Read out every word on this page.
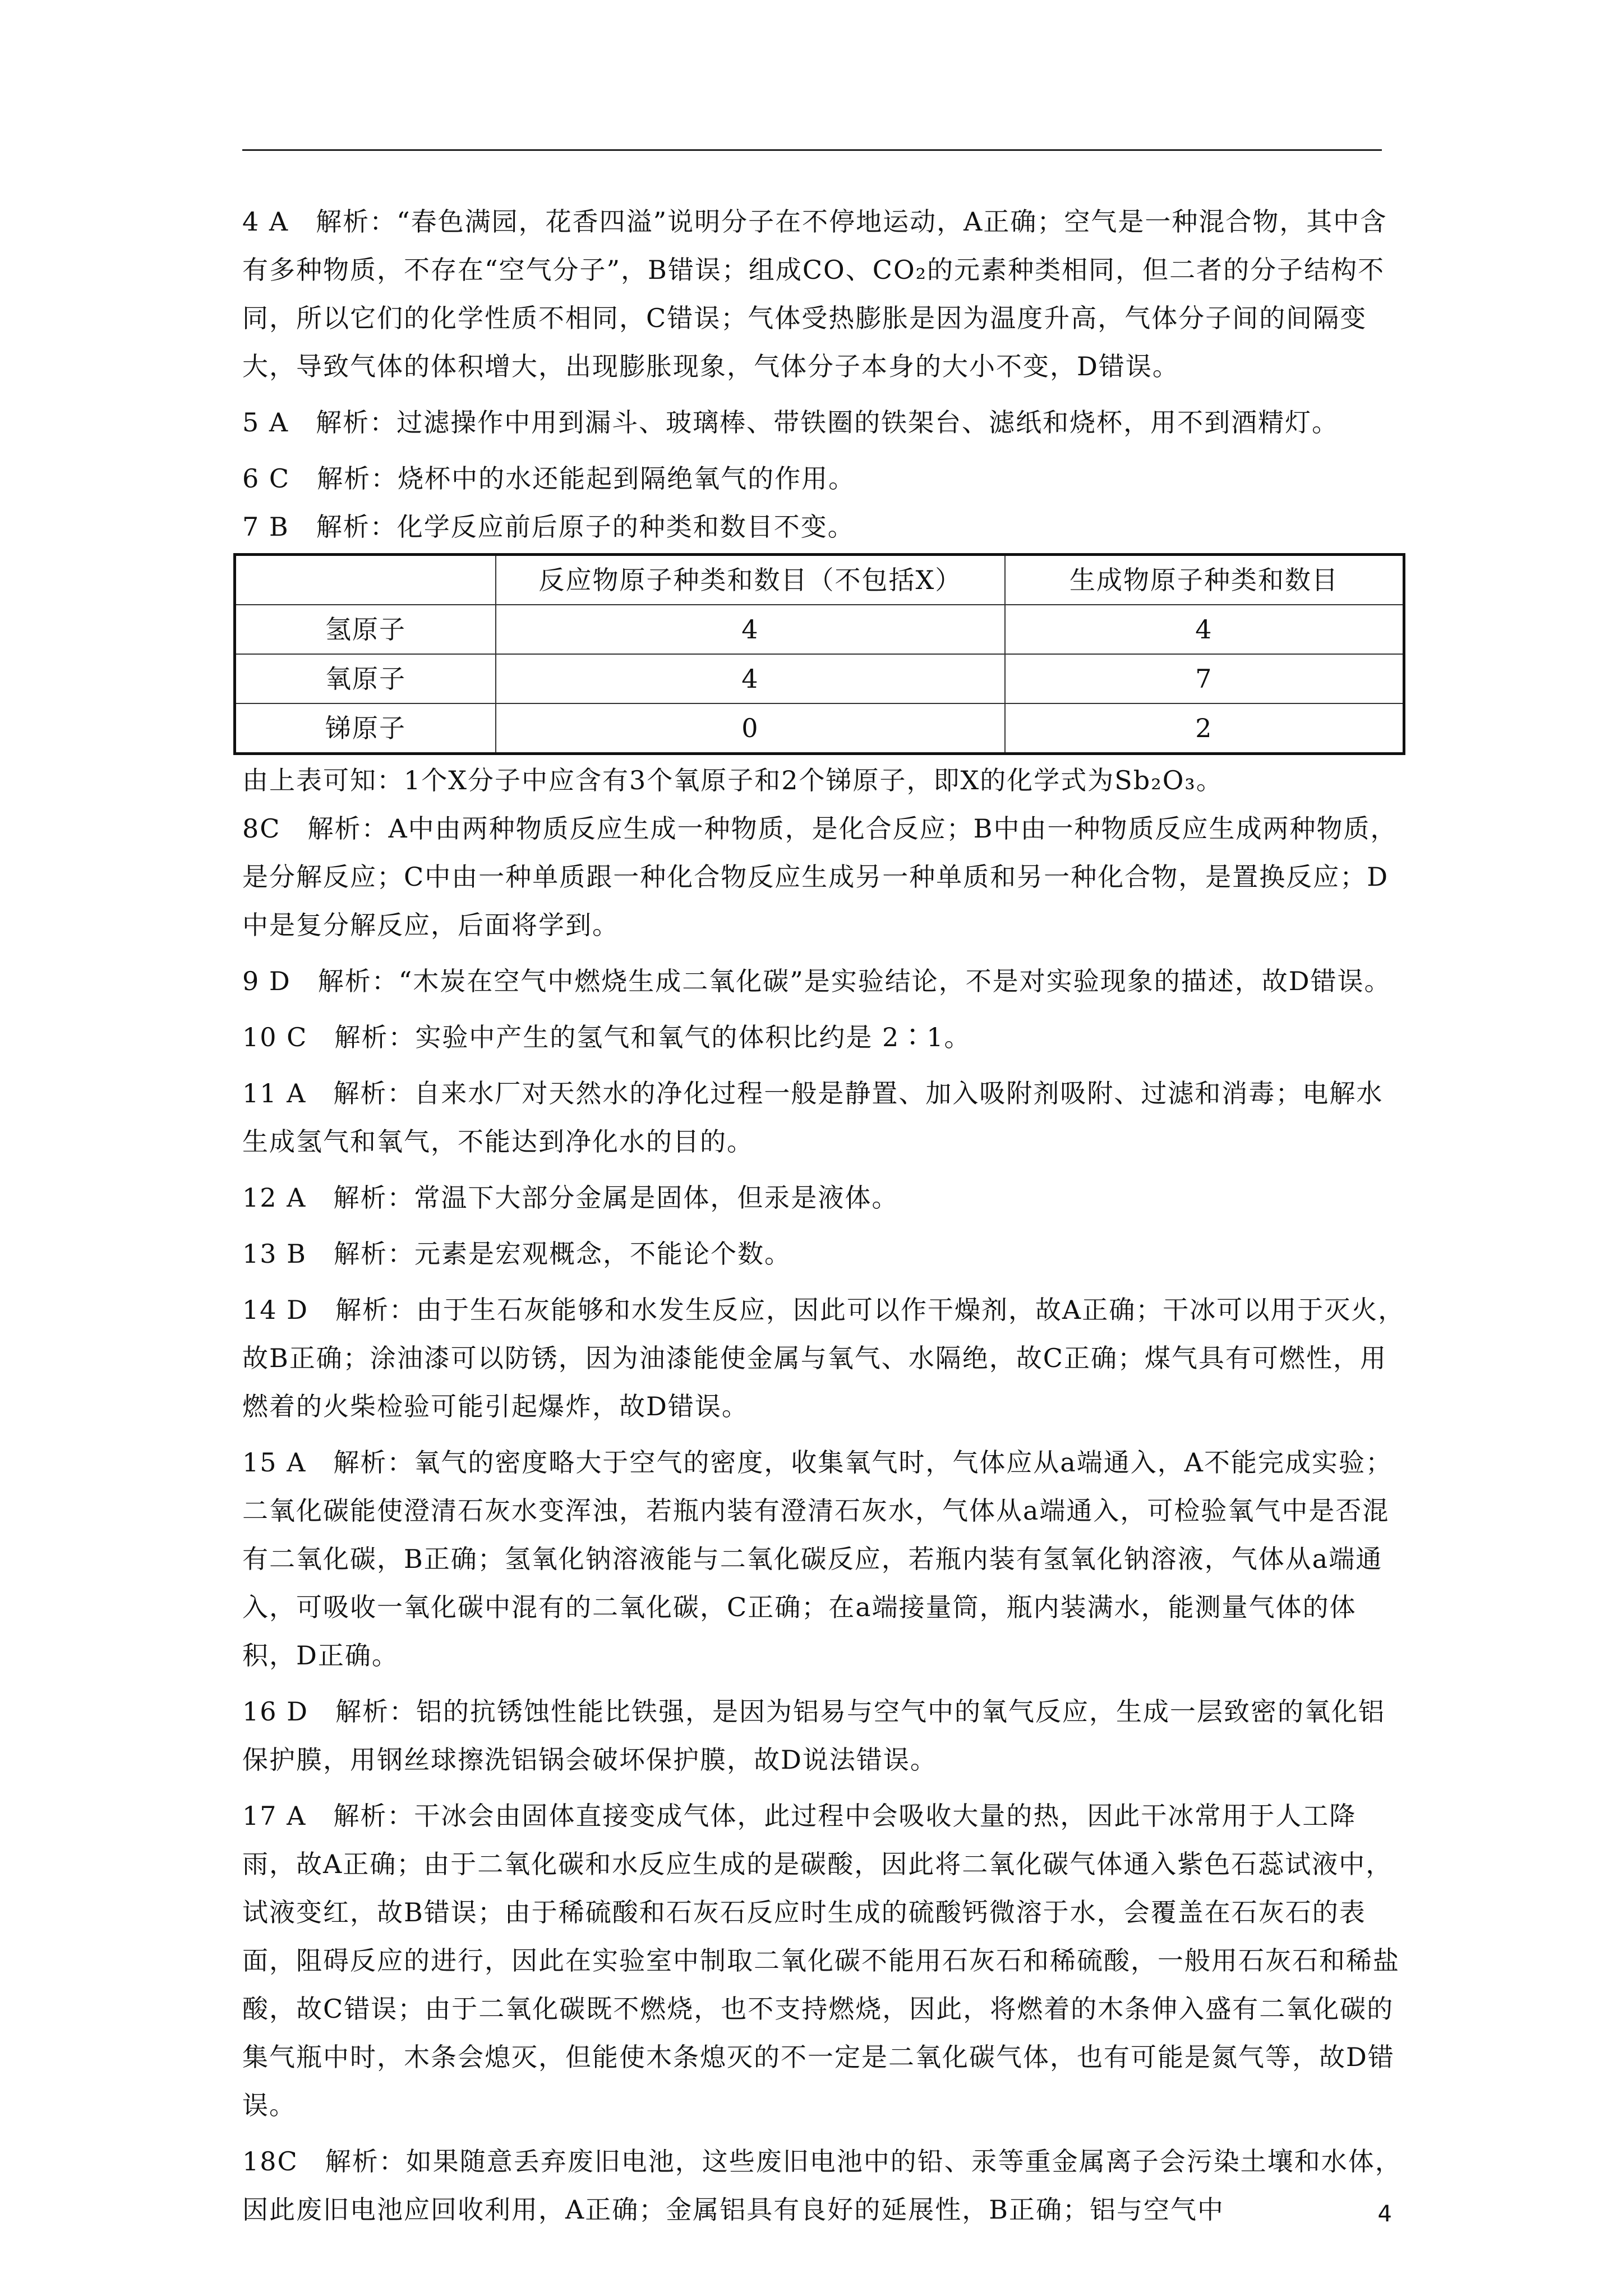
4 A　解析：“春色满园，花香四溢”说明分子在不停地运动，A正确；空气是一种混合物，其中含有多种物质，不存在“空气分子”，B错误；组成CO、CO₂的元素种类相同，但二者的分子结构不同，所以它们的化学性质不相同，C错误；气体受热膨胀是因为温度升高，气体分子间的间隔变大，导致气体的体积增大，出现膨胀现象，气体分子本身的大小不变，D错误。

5 A　解析：过滤操作中用到漏斗、玻璃棒、带铁圈的铁架台、滤纸和烧杯，用不到酒精灯。

6 C　解析：烧杯中的水还能起到隔绝氧气的作用。

7 B　解析：化学反应前后原子的种类和数目不变。

	反应物原子种类和数目（不包括X）	生成物原子种类和数目
氢原子	4	4
氧原子	4	7
锑原子	0	2

由上表可知：1个X分子中应含有3个氧原子和2个锑原子，即X的化学式为Sb₂O₃。

8C　解析：A中由两种物质反应生成一种物质，是化合反应；B中由一种物质反应生成两种物质，是分解反应；C中由一种单质跟一种化合物反应生成另一种单质和另一种化合物，是置换反应；D中是复分解反应，后面将学到。

9 D　解析：“木炭在空气中燃烧生成二氧化碳”是实验结论，不是对实验现象的描述，故D错误。

10 C　解析：实验中产生的氢气和氧气的体积比约是 2∶1。

11 A　解析：自来水厂对天然水的净化过程一般是静置、加入吸附剂吸附、过滤和消毒；电解水生成氢气和氧气，不能达到净化水的目的。

12 A　解析：常温下大部分金属是固体，但汞是液体。

13 B　解析：元素是宏观概念，不能论个数。

14 D　解析：由于生石灰能够和水发生反应，因此可以作干燥剂，故A正确；干冰可以用于灭火，故B正确；涂油漆可以防锈，因为油漆能使金属与氧气、水隔绝，故C正确；煤气具有可燃性，用燃着的火柴检验可能引起爆炸，故D错误。

15 A　解析：氧气的密度略大于空气的密度，收集氧气时，气体应从a端通入，A不能完成实验；二氧化碳能使澄清石灰水变浑浊，若瓶内装有澄清石灰水，气体从a端通入，可检验氧气中是否混有二氧化碳，B正确；氢氧化钠溶液能与二氧化碳反应，若瓶内装有氢氧化钠溶液，气体从a端通入，可吸收一氧化碳中混有的二氧化碳，C正确；在a端接量筒，瓶内装满水，能测量气体的体积，D正确。

16 D　解析：铝的抗锈蚀性能比铁强，是因为铝易与空气中的氧气反应，生成一层致密的氧化铝保护膜，用钢丝球擦洗铝锅会破坏保护膜，故D说法错误。

17 A　解析：干冰会由固体直接变成气体，此过程中会吸收大量的热，因此干冰常用于人工降雨，故A正确；由于二氧化碳和水反应生成的是碳酸，因此将二氧化碳气体通入紫色石蕊试液中，试液变红，故B错误；由于稀硫酸和石灰石反应时生成的硫酸钙微溶于水，会覆盖在石灰石的表面，阻碍反应的进行，因此在实验室中制取二氧化碳不能用石灰石和稀硫酸，一般用石灰石和稀盐酸，故C错误；由于二氧化碳既不燃烧，也不支持燃烧，因此，将燃着的木条伸入盛有二氧化碳的集气瓶中时，木条会熄灭，但能使木条熄灭的不一定是二氧化碳气体，也有可能是氮气等，故D错误。

18C　解析：如果随意丢弃废旧电池，这些废旧电池中的铅、汞等重金属离子会污染土壤和水体，因此废旧电池应回收利用，A正确；金属铝具有良好的延展性，B正确；铝与空气中	4
